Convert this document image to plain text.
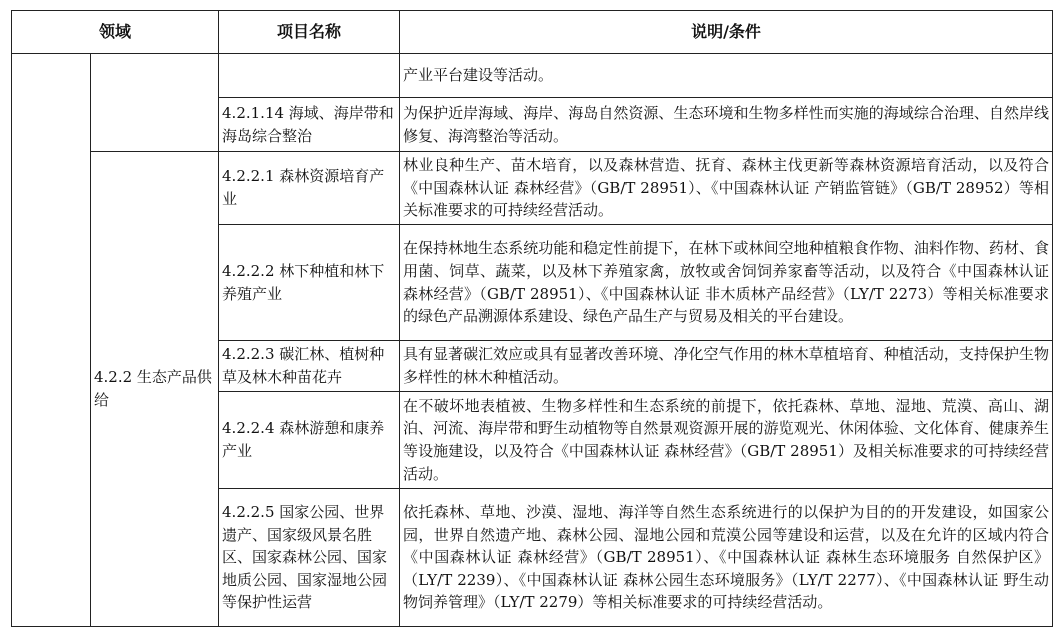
领域		项目名称	说明/条件
			产业平台建设等活动。
		4.2.1.14 海域、海岸带和海岛综合整治	为保护近岸海域、海岸、海岛自然资源、生态环境和生物多样性而实施的海域综合治理、自然岸线修复、海湾整治等活动。
	4.2.2 生态产品供给	4.2.2.1 森林资源培育产业	林业良种生产、苗木培育，以及森林营造、抚育、森林主伐更新等森林资源培育活动，以及符合《中国森林认证 森林经营》（GB/T 28951）、《中国森林认证 产销监管链》（GB/T 28952）等相关标准要求的可持续经营活动。
		4.2.2.2 林下种植和林下养殖产业	在保持林地生态系统功能和稳定性前提下，在林下或林间空地种植粮食作物、油料作物、药材、食用菌、饲草、蔬菜，以及林下养殖家禽，放牧或舍饲饲养家畜等活动，以及符合《中国森林认证 森林经营》（GB/T 28951）、《中国森林认证 非木质林产品经营》（LY/T 2273）等相关标准要求的绿色产品溯源体系建设、绿色产品生产与贸易及相关的平台建设。
		4.2.2.3 碳汇林、植树种草及林木种苗花卉	具有显著碳汇效应或具有显著改善环境、净化空气作用的林木草植培育、种植活动，支持保护生物多样性的林木种植活动。
		4.2.2.4 森林游憩和康养产业	在不破坏地表植被、生物多样性和生态系统的前提下，依托森林、草地、湿地、荒漠、高山、湖泊、河流、海岸带和野生动植物等自然景观资源开展的游览观光、休闲体验、文化体育、健康养生等设施建设，以及符合《中国森林认证 森林经营》（GB/T 28951）及相关标准要求的可持续经营活动。
		4.2.2.5 国家公园、世界遗产、国家级风景名胜区、国家森林公园、国家地质公园、国家湿地公园等保护性运营	依托森林、草地、沙漠、湿地、海洋等自然生态系统进行的以保护为目的的开发建设，如国家公园，世界自然遗产地、森林公园、湿地公园和荒漠公园等建设和运营，以及在允许的区域内符合《中国森林认证 森林经营》（GB/T 28951）、《中国森林认证 森林生态环境服务 自然保护区》（LY/T 2239）、《中国森林认证 森林公园生态环境服务》（LY/T 2277）、《中国森林认证 野生动物饲养管理》（LY/T 2279）等相关标准要求的可持续经营活动。
